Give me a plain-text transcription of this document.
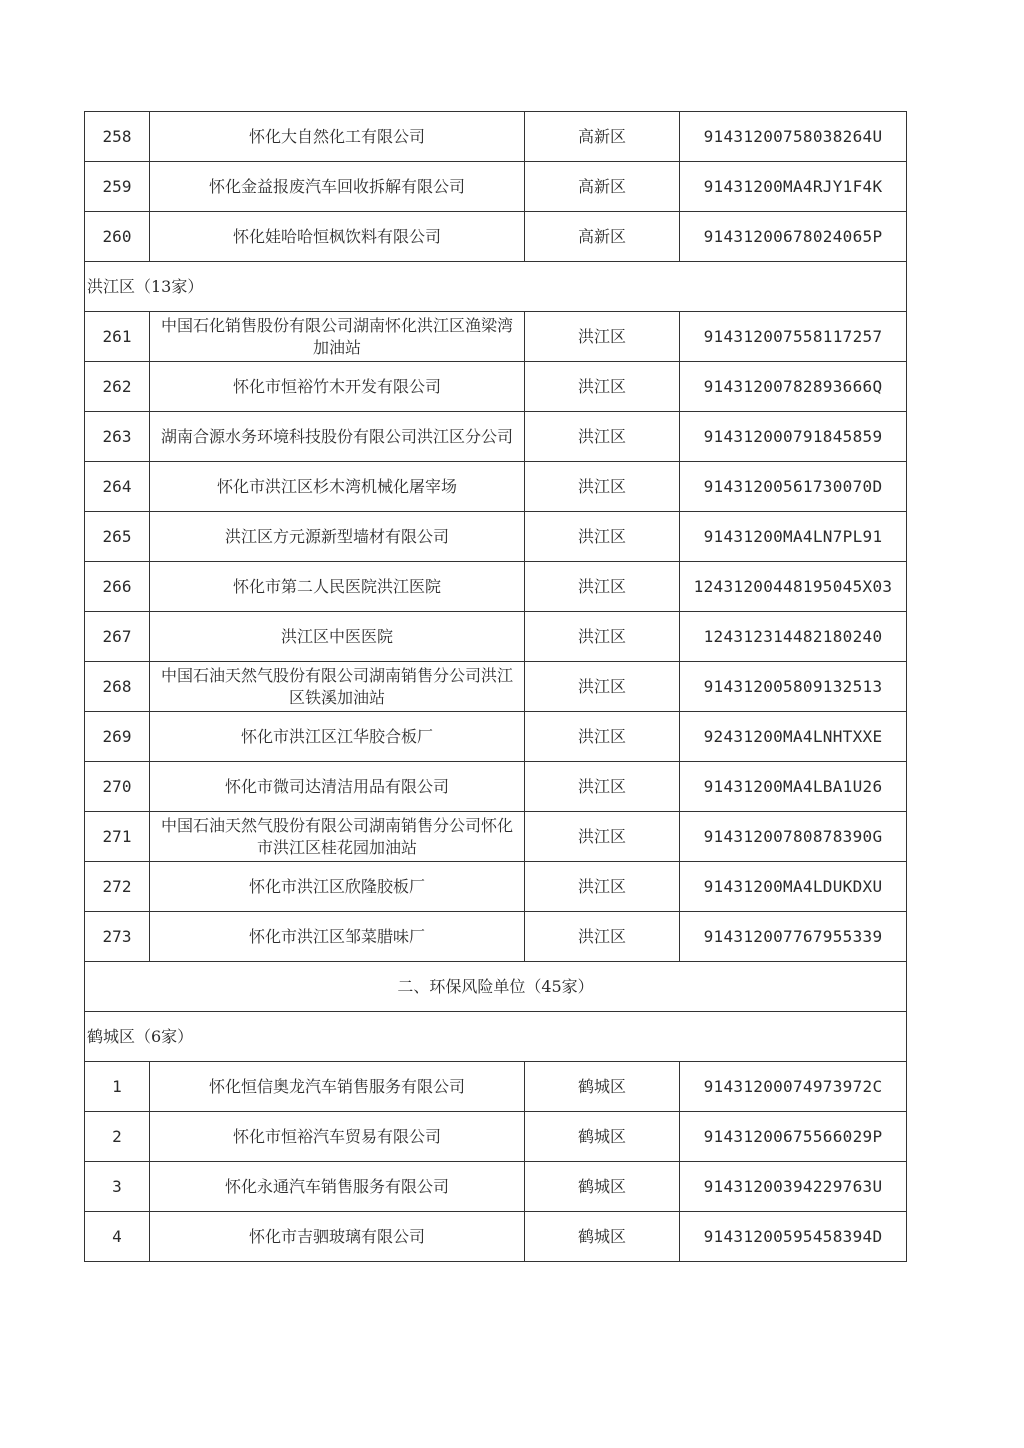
258	怀化大自然化工有限公司	高新区	91431200758038264U
259	怀化金益报废汽车回收拆解有限公司	高新区	91431200MA4RJY1F4K
260	怀化娃哈哈恒枫饮料有限公司	高新区	91431200678024065P
洪江区（13家）			
261	中国石化销售股份有限公司湖南怀化洪江区渔梁湾加油站	洪江区	914312007558117257
262	怀化市恒裕竹木开发有限公司	洪江区	91431200782893666Q
263	湖南合源水务环境科技股份有限公司洪江区分公司	洪江区	914312000791845859
264	怀化市洪江区杉木湾机械化屠宰场	洪江区	91431200561730070D
265	洪江区方元源新型墙材有限公司	洪江区	91431200MA4LN7PL91
266	怀化市第二人民医院洪江医院	洪江区	12431200448195045X03
267	洪江区中医医院	洪江区	124312314482180240
268	中国石油天然气股份有限公司湖南销售分公司洪江区铁溪加油站	洪江区	914312005809132513
269	怀化市洪江区江华胶合板厂	洪江区	92431200MA4LNHTXXE
270	怀化市微司达清洁用品有限公司	洪江区	91431200MA4LBA1U26
271	中国石油天然气股份有限公司湖南销售分公司怀化市洪江区桂花园加油站	洪江区	91431200780878390G
272	怀化市洪江区欣隆胶板厂	洪江区	91431200MA4LDUKDXU
273	怀化市洪江区邹菜腊味厂	洪江区	914312007767955339
二、环保风险单位（45家）			
鹤城区（6家）			
1	怀化恒信奥龙汽车销售服务有限公司	鹤城区	91431200074973972C
2	怀化市恒裕汽车贸易有限公司	鹤城区	91431200675566029P
3	怀化永通汽车销售服务有限公司	鹤城区	91431200394229763U
4	怀化市吉驷玻璃有限公司	鹤城区	91431200595458394D
